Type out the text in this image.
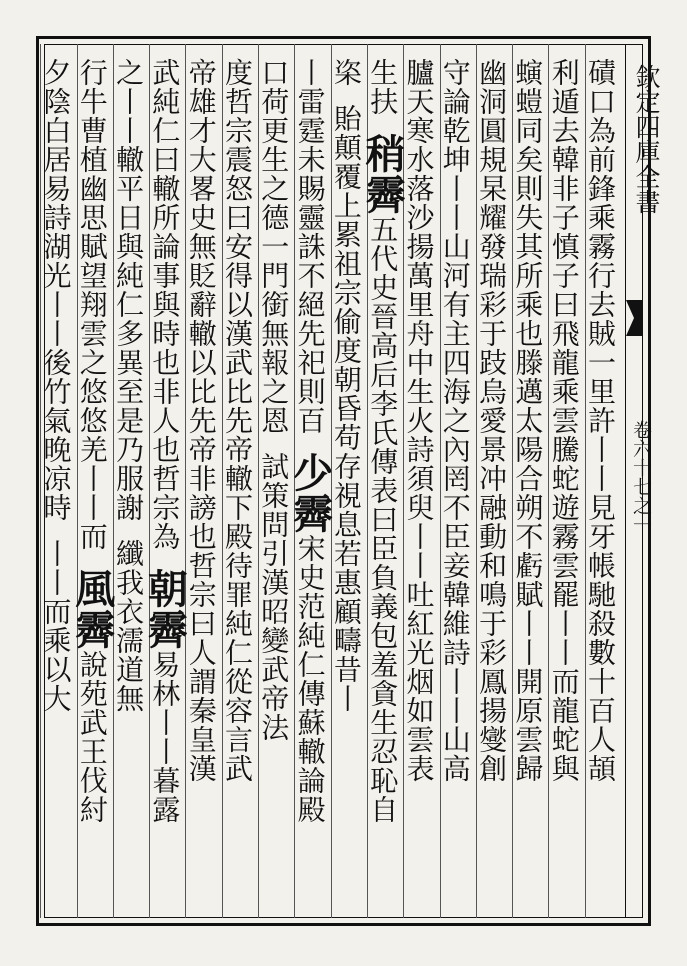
欽定四庫全書
卷六十七之一
磧口為前鋒乘霧行去賊一里許丨丨見牙帳馳殺數十百人頡
利遁去韓非子慎子曰飛龍乘雲騰蛇遊霧雲罷丨丨而龍蛇與
螾螘同矣則失其所乘也滕邁太陽合朔不虧賦丨丨開原雲歸
幽洞圓規杲耀發瑞彩于跂烏愛景冲融動和鳴于彩鳳揚燮創
守論乾坤丨丨山河有主四海之內罔不臣妾韓維詩丨丨山高
臚天寒水落沙揚萬里舟中生火詩須臾丨丨吐紅光烟如雲表
生扶稍霽五代史晉高后李氏傳表曰臣負義包羞貪生忍恥自
栥貽顛覆上累祖宗偷度朝昏苟存視息若惠顧疇昔丨
丨雷霆未賜靈誅不絕先祀則百少霽宋史范純仁傳蘇轍論殿
口荷更生之德一門銜無報之恩試策問引漢昭變武帝法
度哲宗震怒曰安得以漢武比先帝轍下殿待罪純仁從容言武
帝雄才大畧史無貶辭轍以比先帝非謗也哲宗曰人謂秦皇漢
武純仁曰轍所論事與時也非人也哲宗為朝霽易林丨丨暮露
之丨丨轍平日與純仁多異至是乃服謝纖我衣濡道無
行牛曹植幽思賦望翔雲之悠悠羌丨丨而風霽說苑武王伐紂
夕陰白居易詩湖光丨丨後竹氣晚凉時丨丨而乘以大
